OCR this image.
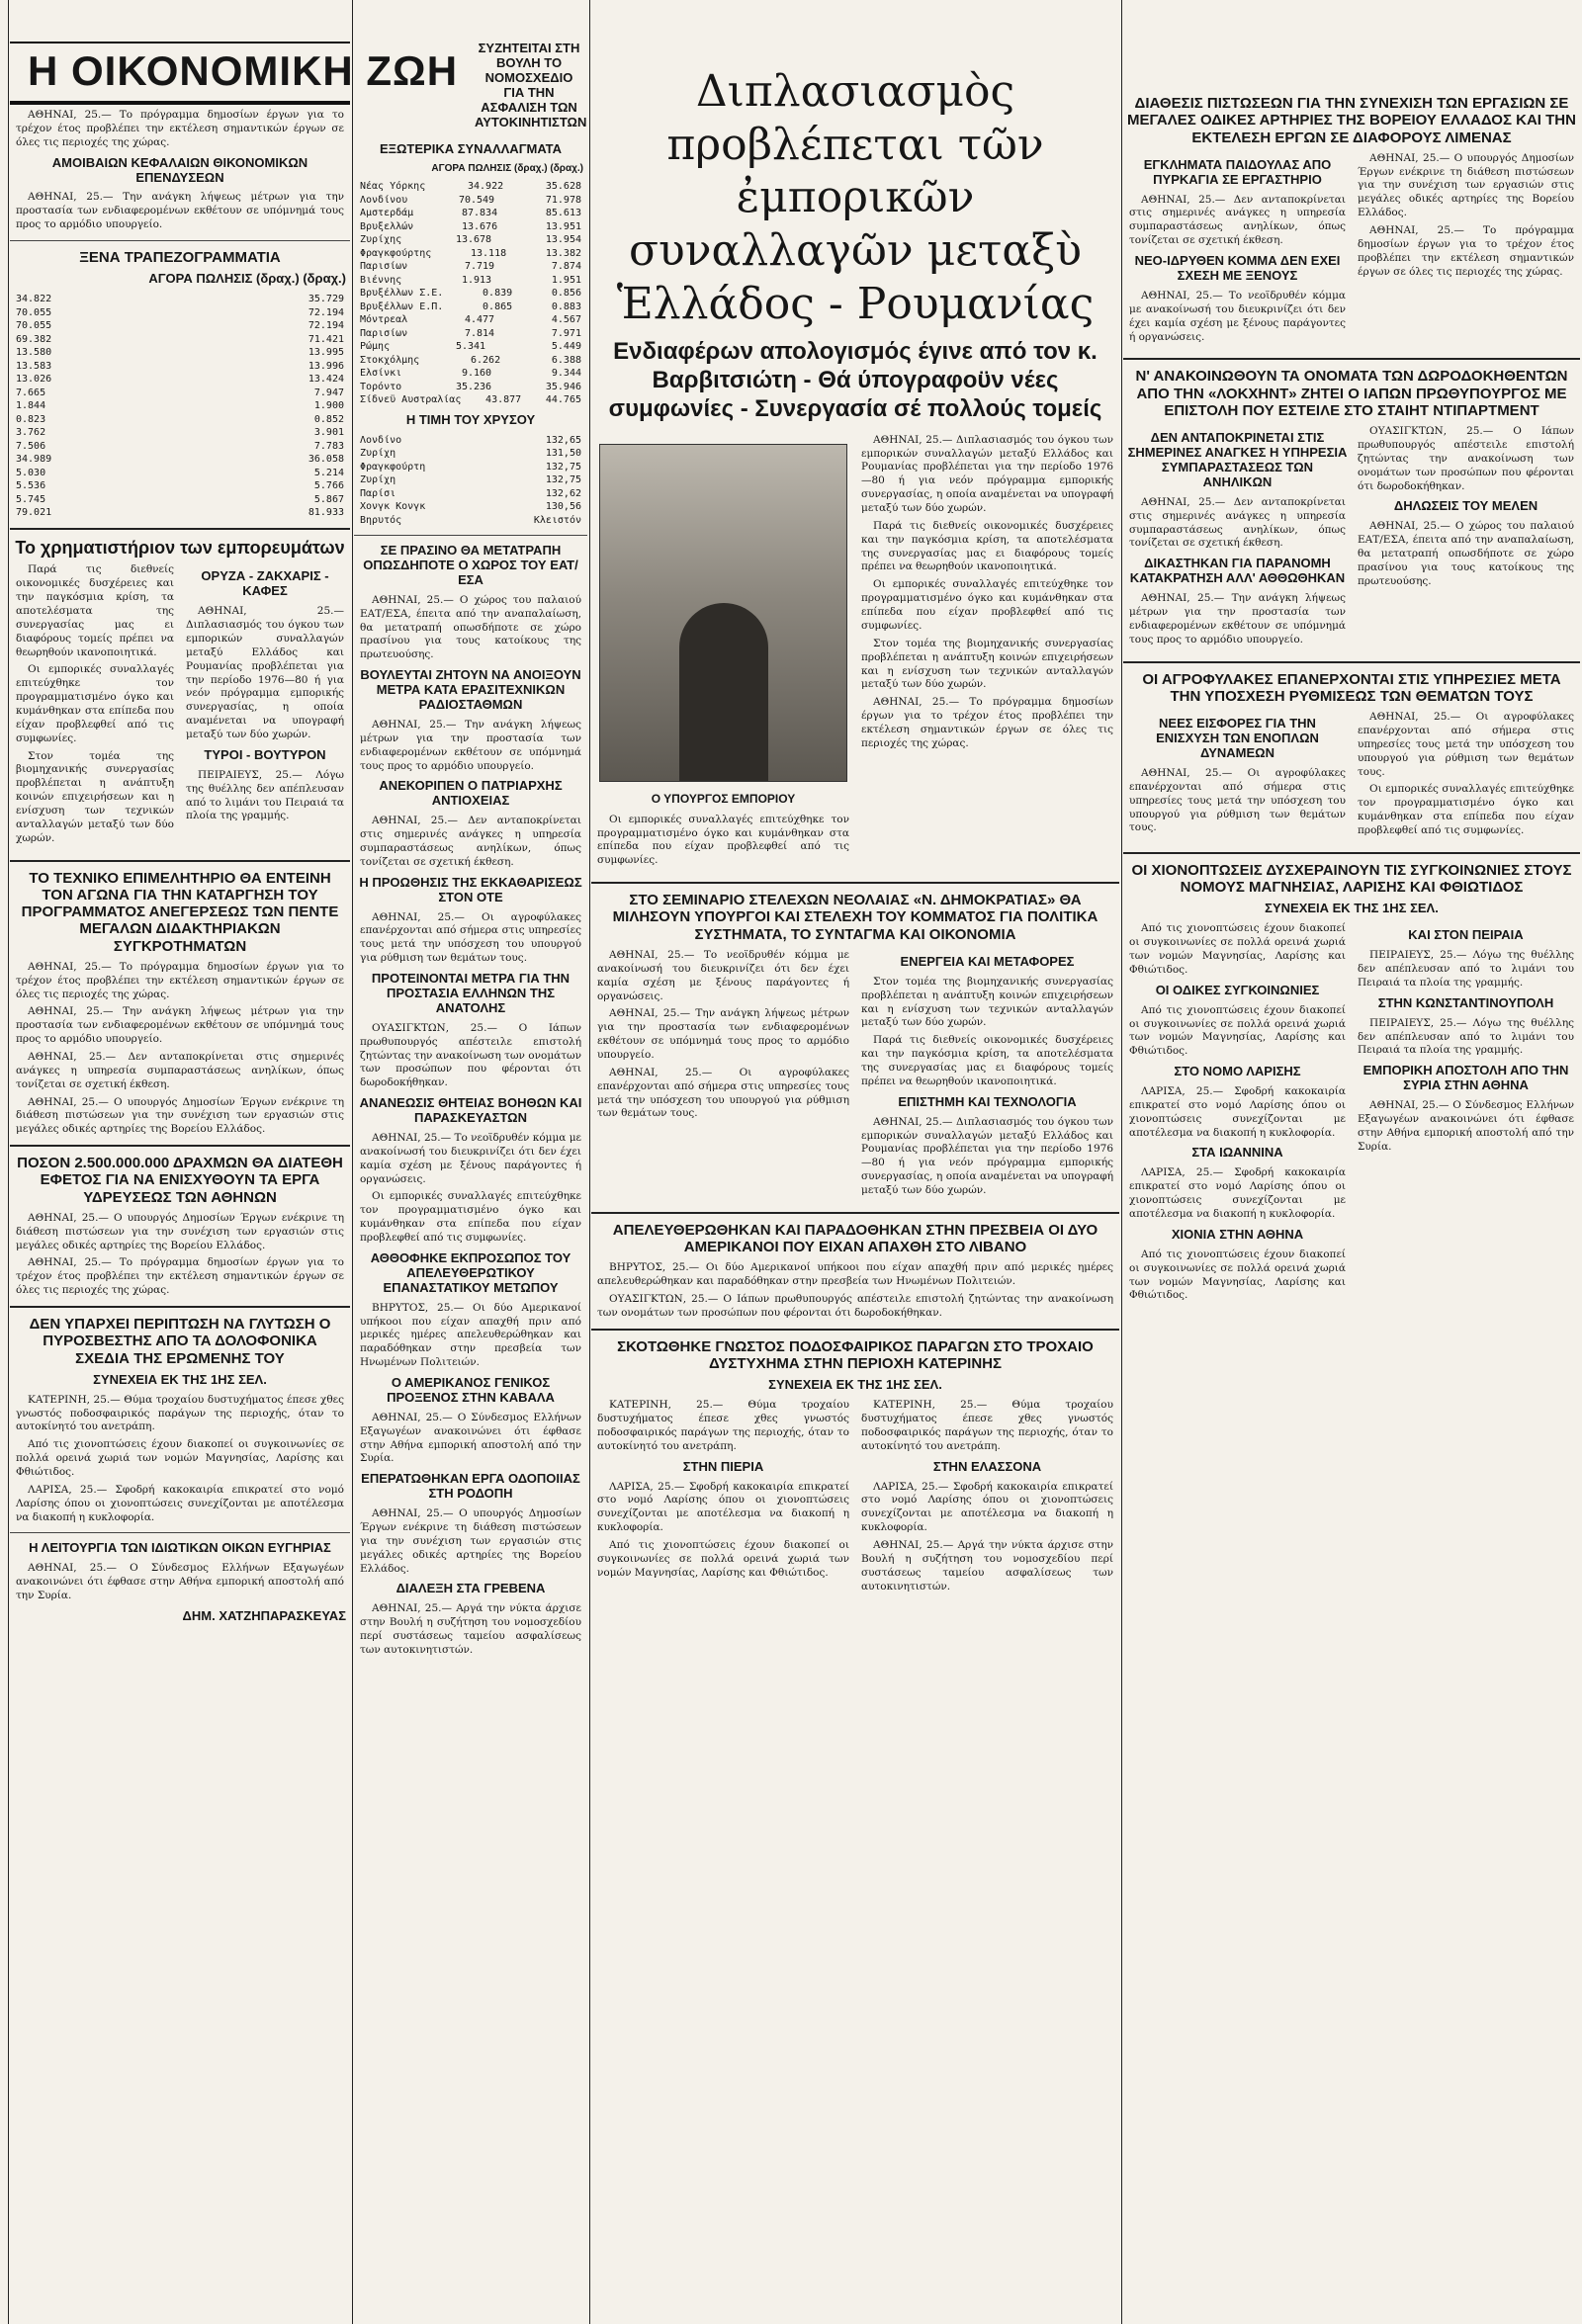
Η ΟΙΚΟΝΟΜΙΚΗ ΖΩΗ

ΑΘΗΝΑΙ, 25.— Το πρόγραμμα δημοσίων έργων για το τρέχον έτος προβλέπει την εκτέλεση σημαντικών έργων σε όλες τις περιοχές της χώρας.

ΑΜΟΙΒΑΙΩΝ ΚΕΦΑΛΑΙΩΝ ΘΙΚΟΝΟΜΙΚΩΝ ΕΠΕΝΔΥΣΕΩΝ

ΑΘΗΝΑΙ, 25.— Την ανάγκη λήψεως μέτρων για την προστασία των ενδιαφερομένων εκθέτουν σε υπόμνημά τους προς το αρμόδιο υπουργείο.

ΞΕΝΑ ΤΡΑΠΕΖΟΓΡΑΜΜΑΤΙΑ
ΑΓΟΡΑ ΠΩΛΗΣΙΣ (δραχ.) (δραχ.)
34.822	35.729
70.055	72.194
70.055	72.194
69.382	71.421
13.580	13.995
13.583	13.996
13.026	13.424
7.665	7.947
1.844	1.900
0.823	0.852
3.762	3.901
7.506	7.783
34.989	36.058
5.030	5.214
5.536	5.766
5.745	5.867
79.021	81.933
Το χρηματιστήριον των εμπορευμάτων

Παρά τις διεθνείς οικονομικές δυσχέρειες και την παγκόσμια κρίση, τα αποτελέσματα της συνεργασίας μας ει διαφόρους τομείς πρέπει να θεωρηθούν ικανοποιητικά.

Οι εμπορικές συναλλαγές επιτεύχθηκε τον προγραμματισμένο όγκο και κυμάνθηκαν στα επίπεδα που είχαν προβλεφθεί από τις συμφωνίες.

Στον τομέα της βιομηχανικής συνεργασίας προβλέπεται η ανάπτυξη κοινών επιχειρήσεων και η ενίσχυση των τεχνικών ανταλλαγών μεταξύ των δύο χωρών.

ΟΡΥΖΑ - ΖΑΚΧΑΡΙΣ - ΚΑΦΕΣ

ΑΘΗΝΑΙ, 25.— Διπλασιασμός του όγκου των εμπορικών συναλλαγών μεταξύ Ελλάδος και Ρουμανίας προβλέπεται για την περίοδο 1976—80 ή για νεόν πρόγραμμα εμπορικής συνεργασίας, η οποία αναμένεται να υπογραφή μεταξύ των δύο χωρών.

ΤΥΡΟΙ - ΒΟΥΤΥΡΟΝ

ΠΕΙΡΑΙΕΥΣ, 25.— Λόγω της θυέλλης δεν απέπλευσαν από το λιμάνι του Πειραιά τα πλοία της γραμμής.

ΤΟ ΤΕΧΝΙΚΟ ΕΠΙΜΕΛΗΤΗΡΙΟ ΘΑ ΕΝΤΕΙΝΗ ΤΟΝ ΑΓΩΝΑ ΓΙΑ ΤΗΝ ΚΑΤΑΡΓΗΣΗ ΤΟΥ ΠΡΟΓΡΑΜΜΑΤΟΣ ΑΝΕΓΕΡΣΕΩΣ ΤΩΝ ΠΕΝΤΕ ΜΕΓΑΛΩΝ ΔΙΔΑΚΤΗΡΙΑΚΩΝ ΣΥΓΚΡΟΤΗΜΑΤΩΝ

ΑΘΗΝΑΙ, 25.— Το πρόγραμμα δημοσίων έργων για το τρέχον έτος προβλέπει την εκτέλεση σημαντικών έργων σε όλες τις περιοχές της χώρας.

ΑΘΗΝΑΙ, 25.— Την ανάγκη λήψεως μέτρων για την προστασία των ενδιαφερομένων εκθέτουν σε υπόμνημά τους προς το αρμόδιο υπουργείο.

ΑΘΗΝΑΙ, 25.— Δεν ανταποκρίνεται στις σημερινές ανάγκες η υπηρεσία συμπαραστάσεως ανηλίκων, όπως τονίζεται σε σχετική έκθεση.

ΑΘΗΝΑΙ, 25.— Ο υπουργός Δημοσίων Έργων ενέκρινε τη διάθεση πιστώσεων για την συνέχιση των εργασιών στις μεγάλες οδικές αρτηρίες της Βορείου Ελλάδος.

ΠΟΣΟΝ 2.500.000.000 ΔΡΑΧΜΩΝ ΘΑ ΔΙΑΤΕΘΗ ΕΦΕΤΟΣ ΓΙΑ ΝΑ ΕΝΙΣΧΥΘΟΥΝ ΤΑ ΕΡΓΑ ΥΔΡΕΥΣΕΩΣ ΤΩΝ ΑΘΗΝΩΝ

ΑΘΗΝΑΙ, 25.— Ο υπουργός Δημοσίων Έργων ενέκρινε τη διάθεση πιστώσεων για την συνέχιση των εργασιών στις μεγάλες οδικές αρτηρίες της Βορείου Ελλάδος.

ΑΘΗΝΑΙ, 25.— Το πρόγραμμα δημοσίων έργων για το τρέχον έτος προβλέπει την εκτέλεση σημαντικών έργων σε όλες τις περιοχές της χώρας.

ΔΕΝ ΥΠΑΡΧΕΙ ΠΕΡΙΠΤΩΣΗ ΝΑ ΓΛΥΤΩΣΗ Ο ΠΥΡΟΣΒΕΣΤΗΣ ΑΠΟ ΤΑ ΔΟΛΟΦΟΝΙΚΑ ΣΧΕΔΙΑ ΤΗΣ ΕΡΩΜΕΝΗΣ ΤΟΥ
ΣΥΝΕΧΕΙΑ ΕΚ ΤΗΣ 1ΗΣ ΣΕΛ.

ΚΑΤΕΡΙΝΗ, 25.— Θύμα τροχαίου δυστυχήματος έπεσε χθες γνωστός ποδοσφαιρικός παράγων της περιοχής, όταν το αυτοκίνητό του ανετράπη.

Από τις χιονοπτώσεις έχουν διακοπεί οι συγκοινωνίες σε πολλά ορεινά χωριά των νομών Μαγνησίας, Λαρίσης και Φθιώτιδος.

ΛΑΡΙΣΑ, 25.— Σφοδρή κακοκαιρία επικρατεί στο νομό Λαρίσης όπου οι χιονοπτώσεις συνεχίζονται με αποτέλεσμα να διακοπή η κυκλοφορία.

Η ΛΕΙΤΟΥΡΓΙΑ ΤΩΝ ΙΔΙΩΤΙΚΩΝ ΟΙΚΩΝ ΕΥΓΗΡΙΑΣ

ΑΘΗΝΑΙ, 25.— Ο Σύνδεσμος Ελλήνων Εξαγωγέων ανακοινώνει ότι έφθασε στην Αθήνα εμπορική αποστολή από την Συρία.

ΔΗΜ. ΧΑΤΖΗΠΑΡΑΣΚΕΥΑΣ
ΣΥΖΗΤΕΙΤΑΙ ΣΤΗ ΒΟΥΛΗ ΤΟ ΝΟΜΟΣΧΕΔΙΟ ΓΙΑ ΤΗΝ ΑΣΦΑΛΙΣΗ ΤΩΝ ΑΥΤΟΚΙΝΗΤΙΣΤΩΝ
ΕΞΩΤΕΡΙΚΑ ΣΥΝΑΛΛΑΓΜΑΤΑ
ΑΓΟΡΑ ΠΩΛΗΣΙΣ (δραχ.) (δραχ.)
Νέας Υόρκης	34.922	35.628
Λονδίνου	70.549	71.978
Αμστερδάμ	87.834	85.613
Βρυξελλών	13.676	13.951
Ζυρίχης	13.678	13.954
Φραγκφούρτης	13.118	13.382
Παρισίων	7.719	7.874
Βιέννης	1.913	1.951
Βρυξέλλων Σ.Ε.	0.839	0.856
Βρυξέλλων Ε.Π.	0.865	0.883
Μόντρεαλ	4.477	4.567
Παρισίων	7.814	7.971
Ρώμης	5.341	5.449
Στοκχόλμης	6.262	6.388
Ελσίνκι	9.160	9.344
Τορόντο	35.236	35.946
Σίδνεϋ Αυστραλίας 43.877 44.765
Η ΤΙΜΗ ΤΟΥ ΧΡΥΣΟΥ
Λονδίνο	132,65
Ζυρίχη	131,50
Φραγκφούρτη	132,75
Ζυρίχη	132,75
Παρίσι	132,62
Χονγκ Κονγκ	130,56
Βηρυτός	Κλειστόν
ΣΕ ΠΡΑΣΙΝΟ ΘΑ ΜΕΤΑΤΡΑΠΗ ΟΠΩΣΔΗΠΟΤΕ Ο ΧΩΡΟΣ ΤΟΥ ΕΑΤ/ΕΣΑ

ΑΘΗΝΑΙ, 25.— Ο χώρος του παλαιού ΕΑΤ/ΕΣΑ, έπειτα από την αναπαλαίωση, θα μετατραπή οπωσδήποτε σε χώρο πρασίνου για τους κατοίκους της πρωτευούσης.

ΒΟΥΛΕΥΤΑΙ ΖΗΤΟΥΝ ΝΑ ΑΝΟΙΞΟΥΝ ΜΕΤΡΑ ΚΑΤΑ ΕΡΑΣΙΤΕΧΝΙΚΩΝ ΡΑΔΙΟΣΤΑΘΜΩΝ

ΑΘΗΝΑΙ, 25.— Την ανάγκη λήψεως μέτρων για την προστασία των ενδιαφερομένων εκθέτουν σε υπόμνημά τους προς το αρμόδιο υπουργείο.

ΑΝΕΚΟΡΙΠΕΝ Ο ΠΑΤΡΙΑΡΧΗΣ ΑΝΤΙΟΧΕΙΑΣ

ΑΘΗΝΑΙ, 25.— Δεν ανταποκρίνεται στις σημερινές ανάγκες η υπηρεσία συμπαραστάσεως ανηλίκων, όπως τονίζεται σε σχετική έκθεση.

Η ΠΡΟΩΘΗΣΙΣ ΤΗΣ ΕΚΚΑΘΑΡΙΣΕΩΣ ΣΤΟΝ ΟΤΕ

ΑΘΗΝΑΙ, 25.— Οι αγροφύλακες επανέρχονται από σήμερα στις υπηρεσίες τους μετά την υπόσχεση του υπουργού για ρύθμιση των θεμάτων τους.

ΠΡΟΤΕΙΝΟΝΤΑΙ ΜΕΤΡΑ ΓΙΑ ΤΗΝ ΠΡΟΣΤΑΣΙΑ ΕΛΛΗΝΩΝ ΤΗΣ ΑΝΑΤΟΛΗΣ

ΟΥΑΣΙΓΚΤΩΝ, 25.— Ο Ιάπων πρωθυπουργός απέστειλε επιστολή ζητώντας την ανακοίνωση των ονομάτων των προσώπων που φέρονται ότι δωροδοκήθηκαν.

ΑΝΑΝΕΩΣΙΣ ΘΗΤΕΙΑΣ ΒΟΗΘΩΝ ΚΑΙ ΠΑΡΑΣΚΕΥΑΣΤΩΝ

ΑΘΗΝΑΙ, 25.— Το νεοϊδρυθέν κόμμα με ανακοίνωσή του διευκρινίζει ότι δεν έχει καμία σχέση με ξένους παράγοντες ή οργανώσεις.

Οι εμπορικές συναλλαγές επιτεύχθηκε τον προγραμματισμένο όγκο και κυμάνθηκαν στα επίπεδα που είχαν προβλεφθεί από τις συμφωνίες.

ΑΘΘΟΦΗΚΕ ΕΚΠΡΟΣΩΠΟΣ ΤΟΥ ΑΠΕΛΕΥΘΕΡΩΤΙΚΟΥ ΕΠΑΝΑΣΤΑΤΙΚΟΥ ΜΕΤΩΠΟΥ

ΒΗΡΥΤΟΣ, 25.— Οι δύο Αμερικανοί υπήκοοι που είχαν απαχθή πριν από μερικές ημέρες απελευθερώθηκαν και παραδόθηκαν στην πρεσβεία των Ηνωμένων Πολιτειών.

Ο ΑΜΕΡΙΚΑΝΟΣ ΓΕΝΙΚΟΣ ΠΡΟΞΕΝΟΣ ΣΤΗΝ ΚΑΒΑΛΑ

ΑΘΗΝΑΙ, 25.— Ο Σύνδεσμος Ελλήνων Εξαγωγέων ανακοινώνει ότι έφθασε στην Αθήνα εμπορική αποστολή από την Συρία.

ΕΠΕΡΑΤΩΘΗΚΑΝ ΕΡΓΑ ΟΔΟΠΟΙΙΑΣ ΣΤΗ ΡΟΔΟΠΗ

ΑΘΗΝΑΙ, 25.— Ο υπουργός Δημοσίων Έργων ενέκρινε τη διάθεση πιστώσεων για την συνέχιση των εργασιών στις μεγάλες οδικές αρτηρίες της Βορείου Ελλάδος.

ΔΙΑΛΕΞΗ ΣΤΑ ΓΡΕΒΕΝΑ

ΑΘΗΝΑΙ, 25.— Αργά την νύκτα άρχισε στην Βουλή η συζήτηση του νομοσχεδίου περί συστάσεως ταμείου ασφαλίσεως των αυτοκινητιστών.

Διπλασιασμὸς προβλέπεται τῶν ἐμπορικῶν συναλλαγῶν μεταξὺ Ἑλλάδος - Ρουμανίας
Ενδιαφέρων απολογισμός έγινε από τον κ. Βαρβιτσιώτη - Θά ύπογραφοϋν νέες συμφωνίες - Συνεργασία σέ πολλούς τομείς
Ο ΥΠΟΥΡΓΟΣ ΕΜΠΟΡΙΟΥ

Οι εμπορικές συναλλαγές επιτεύχθηκε τον προγραμματισμένο όγκο και κυμάνθηκαν στα επίπεδα που είχαν προβλεφθεί από τις συμφωνίες.

ΑΘΗΝΑΙ, 25.— Διπλασιασμός του όγκου των εμπορικών συναλλαγών μεταξύ Ελλάδος και Ρουμανίας προβλέπεται για την περίοδο 1976—80 ή για νεόν πρόγραμμα εμπορικής συνεργασίας, η οποία αναμένεται να υπογραφή μεταξύ των δύο χωρών.

Παρά τις διεθνείς οικονομικές δυσχέρειες και την παγκόσμια κρίση, τα αποτελέσματα της συνεργασίας μας ει διαφόρους τομείς πρέπει να θεωρηθούν ικανοποιητικά.

Οι εμπορικές συναλλαγές επιτεύχθηκε τον προγραμματισμένο όγκο και κυμάνθηκαν στα επίπεδα που είχαν προβλεφθεί από τις συμφωνίες.

Στον τομέα της βιομηχανικής συνεργασίας προβλέπεται η ανάπτυξη κοινών επιχειρήσεων και η ενίσχυση των τεχνικών ανταλλαγών μεταξύ των δύο χωρών.

ΑΘΗΝΑΙ, 25.— Το πρόγραμμα δημοσίων έργων για το τρέχον έτος προβλέπει την εκτέλεση σημαντικών έργων σε όλες τις περιοχές της χώρας.

ΣΤΟ ΣΕΜΙΝΑΡΙΟ ΣΤΕΛΕΧΩΝ ΝΕΟΛΑΙΑΣ «Ν. ΔΗΜΟΚΡΑΤΙΑΣ» ΘΑ ΜΙΛΗΣΟΥΝ ΥΠΟΥΡΓΟΙ ΚΑΙ ΣΤΕΛΕΧΗ ΤΟΥ ΚΟΜΜΑΤΟΣ ΓΙΑ ΠΟΛΙΤΙΚΑ ΣΥΣΤΗΜΑΤΑ, ΤΟ ΣΥΝΤΑΓΜΑ ΚΑΙ ΟΙΚΟΝΟΜΙΑ

ΑΘΗΝΑΙ, 25.— Το νεοϊδρυθέν κόμμα με ανακοίνωσή του διευκρινίζει ότι δεν έχει καμία σχέση με ξένους παράγοντες ή οργανώσεις.

ΑΘΗΝΑΙ, 25.— Την ανάγκη λήψεως μέτρων για την προστασία των ενδιαφερομένων εκθέτουν σε υπόμνημά τους προς το αρμόδιο υπουργείο.

ΑΘΗΝΑΙ, 25.— Οι αγροφύλακες επανέρχονται από σήμερα στις υπηρεσίες τους μετά την υπόσχεση του υπουργού για ρύθμιση των θεμάτων τους.

ΕΝΕΡΓΕΙΑ ΚΑΙ ΜΕΤΑΦΟΡΕΣ

Στον τομέα της βιομηχανικής συνεργασίας προβλέπεται η ανάπτυξη κοινών επιχειρήσεων και η ενίσχυση των τεχνικών ανταλλαγών μεταξύ των δύο χωρών.

Παρά τις διεθνείς οικονομικές δυσχέρειες και την παγκόσμια κρίση, τα αποτελέσματα της συνεργασίας μας ει διαφόρους τομείς πρέπει να θεωρηθούν ικανοποιητικά.

ΕΠΙΣΤΗΜΗ ΚΑΙ ΤΕΧΝΟΛΟΓΙΑ

ΑΘΗΝΑΙ, 25.— Διπλασιασμός του όγκου των εμπορικών συναλλαγών μεταξύ Ελλάδος και Ρουμανίας προβλέπεται για την περίοδο 1976—80 ή για νεόν πρόγραμμα εμπορικής συνεργασίας, η οποία αναμένεται να υπογραφή μεταξύ των δύο χωρών.

ΑΠΕΛΕΥΘΕΡΩΘΗΚΑΝ ΚΑΙ ΠΑΡΑΔΟΘΗΚΑΝ ΣΤΗΝ ΠΡΕΣΒΕΙΑ ΟΙ ΔΥΟ ΑΜΕΡΙΚΑΝΟΙ ΠΟΥ ΕΙΧΑΝ ΑΠΑΧΘΗ ΣΤΟ ΛΙΒΑΝΟ

ΒΗΡΥΤΟΣ, 25.— Οι δύο Αμερικανοί υπήκοοι που είχαν απαχθή πριν από μερικές ημέρες απελευθερώθηκαν και παραδόθηκαν στην πρεσβεία των Ηνωμένων Πολιτειών.

ΟΥΑΣΙΓΚΤΩΝ, 25.— Ο Ιάπων πρωθυπουργός απέστειλε επιστολή ζητώντας την ανακοίνωση των ονομάτων των προσώπων που φέρονται ότι δωροδοκήθηκαν.

ΣΚΟΤΩΘΗΚΕ ΓΝΩΣΤΟΣ ΠΟΔΟΣΦΑΙΡΙΚΟΣ ΠΑΡΑΓΩΝ ΣΤΟ ΤΡΟΧΑΙΟ ΔΥΣΤΥΧΗΜΑ ΣΤΗΝ ΠΕΡΙΟΧΗ ΚΑΤΕΡΙΝΗΣ
ΣΥΝΕΧΕΙΑ ΕΚ ΤΗΣ 1ΗΣ ΣΕΛ.

ΚΑΤΕΡΙΝΗ, 25.— Θύμα τροχαίου δυστυχήματος έπεσε χθες γνωστός ποδοσφαιρικός παράγων της περιοχής, όταν το αυτοκίνητό του ανετράπη.

ΣΤΗΝ ΠΙΕΡΙΑ

ΛΑΡΙΣΑ, 25.— Σφοδρή κακοκαιρία επικρατεί στο νομό Λαρίσης όπου οι χιονοπτώσεις συνεχίζονται με αποτέλεσμα να διακοπή η κυκλοφορία.

Από τις χιονοπτώσεις έχουν διακοπεί οι συγκοινωνίες σε πολλά ορεινά χωριά των νομών Μαγνησίας, Λαρίσης και Φθιώτιδος.

ΚΑΤΕΡΙΝΗ, 25.— Θύμα τροχαίου δυστυχήματος έπεσε χθες γνωστός ποδοσφαιρικός παράγων της περιοχής, όταν το αυτοκίνητό του ανετράπη.

ΣΤΗΝ ΕΛΑΣΣΟΝΑ

ΛΑΡΙΣΑ, 25.— Σφοδρή κακοκαιρία επικρατεί στο νομό Λαρίσης όπου οι χιονοπτώσεις συνεχίζονται με αποτέλεσμα να διακοπή η κυκλοφορία.

ΑΘΗΝΑΙ, 25.— Αργά την νύκτα άρχισε στην Βουλή η συζήτηση του νομοσχεδίου περί συστάσεως ταμείου ασφαλίσεως των αυτοκινητιστών.

ΔΙΑΘΕΣΙΣ ΠΙΣΤΩΣΕΩΝ ΓΙΑ ΤΗΝ ΣΥΝΕΧΙΣΗ ΤΩΝ ΕΡΓΑΣΙΩΝ ΣΕ ΜΕΓΑΛΕΣ ΟΔΙΚΕΣ ΑΡΤΗΡΙΕΣ ΤΗΣ ΒΟΡΕΙΟΥ ΕΛΛΑΔΟΣ ΚΑΙ ΤΗΝ ΕΚΤΕΛΕΣΗ ΕΡΓΩΝ ΣΕ ΔΙΑΦΟΡΟΥΣ ΛΙΜΕΝΑΣ
ΕΓΚΛΗΜΑΤΑ ΠΑΙΔΟΥΛΑΣ ΑΠΟ ΠΥΡΚΑΓΙΑ ΣΕ ΕΡΓΑΣΤΗΡΙΟ

ΑΘΗΝΑΙ, 25.— Δεν ανταποκρίνεται στις σημερινές ανάγκες η υπηρεσία συμπαραστάσεως ανηλίκων, όπως τονίζεται σε σχετική έκθεση.

ΝΕΟ-ΙΔΡΥΘΕΝ ΚΟΜΜΑ ΔΕΝ ΕΧΕΙ ΣΧΕΣΗ ΜΕ ΞΕΝΟΥΣ

ΑΘΗΝΑΙ, 25.— Το νεοϊδρυθέν κόμμα με ανακοίνωσή του διευκρινίζει ότι δεν έχει καμία σχέση με ξένους παράγοντες ή οργανώσεις.

ΑΘΗΝΑΙ, 25.— Ο υπουργός Δημοσίων Έργων ενέκρινε τη διάθεση πιστώσεων για την συνέχιση των εργασιών στις μεγάλες οδικές αρτηρίες της Βορείου Ελλάδος.

ΑΘΗΝΑΙ, 25.— Το πρόγραμμα δημοσίων έργων για το τρέχον έτος προβλέπει την εκτέλεση σημαντικών έργων σε όλες τις περιοχές της χώρας.

Ν' ΑΝΑΚΟΙΝΩΘΟΥΝ ΤΑ ΟΝΟΜΑΤΑ ΤΩΝ ΔΩΡΟΔΟΚΗΘΕΝΤΩΝ ΑΠΟ ΤΗΝ «ΛΟΚΧΗΝΤ» ΖΗΤΕΙ Ο ΙΑΠΩΝ ΠΡΩΘΥΠΟΥΡΓΟΣ ΜΕ ΕΠΙΣΤΟΛΗ ΠΟΥ ΕΣΤΕΙΛΕ ΣΤΟ ΣΤΑΙΗΤ ΝΤΙΠΑΡΤΜΕΝΤ
ΔΕΝ ΑΝΤΑΠΟΚΡΙΝΕΤΑΙ ΣΤΙΣ ΣΗΜΕΡΙΝΕΣ ΑΝΑΓΚΕΣ Η ΥΠΗΡΕΣΙΑ ΣΥΜΠΑΡΑΣΤΑΣΕΩΣ ΤΩΝ ΑΝΗΛΙΚΩΝ

ΑΘΗΝΑΙ, 25.— Δεν ανταποκρίνεται στις σημερινές ανάγκες η υπηρεσία συμπαραστάσεως ανηλίκων, όπως τονίζεται σε σχετική έκθεση.

ΔΙΚΑΣΤΗΚΑΝ ΓΙΑ ΠΑΡΑΝΟΜΗ ΚΑΤΑΚΡΑΤΗΣΗ ΑΛΛ' ΑΘΘΩΘΗΚΑΝ

ΑΘΗΝΑΙ, 25.— Την ανάγκη λήψεως μέτρων για την προστασία των ενδιαφερομένων εκθέτουν σε υπόμνημά τους προς το αρμόδιο υπουργείο.

ΟΥΑΣΙΓΚΤΩΝ, 25.— Ο Ιάπων πρωθυπουργός απέστειλε επιστολή ζητώντας την ανακοίνωση των ονομάτων των προσώπων που φέρονται ότι δωροδοκήθηκαν.

ΔΗΛΩΣΕΙΣ ΤΟΥ ΜΕΛΕΝ

ΑΘΗΝΑΙ, 25.— Ο χώρος του παλαιού ΕΑΤ/ΕΣΑ, έπειτα από την αναπαλαίωση, θα μετατραπή οπωσδήποτε σε χώρο πρασίνου για τους κατοίκους της πρωτευούσης.

ΟΙ ΑΓΡΟΦΥΛΑΚΕΣ ΕΠΑΝΕΡΧΟΝΤΑΙ ΣΤΙΣ ΥΠΗΡΕΣΙΕΣ ΜΕΤΑ ΤΗΝ ΥΠΟΣΧΕΣΗ ΡΥΘΜΙΣΕΩΣ ΤΩΝ ΘΕΜΑΤΩΝ ΤΟΥΣ
ΝΕΕΣ ΕΙΣΦΟΡΕΣ ΓΙΑ ΤΗΝ ΕΝΙΣΧΥΣΗ ΤΩΝ ΕΝΟΠΛΩΝ ΔΥΝΑΜΕΩΝ

ΑΘΗΝΑΙ, 25.— Οι αγροφύλακες επανέρχονται από σήμερα στις υπηρεσίες τους μετά την υπόσχεση του υπουργού για ρύθμιση των θεμάτων τους.

ΑΘΗΝΑΙ, 25.— Οι αγροφύλακες επανέρχονται από σήμερα στις υπηρεσίες τους μετά την υπόσχεση του υπουργού για ρύθμιση των θεμάτων τους.

Οι εμπορικές συναλλαγές επιτεύχθηκε τον προγραμματισμένο όγκο και κυμάνθηκαν στα επίπεδα που είχαν προβλεφθεί από τις συμφωνίες.

ΟΙ ΧΙΟΝΟΠΤΩΣΕΙΣ ΔΥΣΧΕΡΑΙΝΟΥΝ ΤΙΣ ΣΥΓΚΟΙΝΩΝΙΕΣ ΣΤΟΥΣ ΝΟΜΟΥΣ ΜΑΓΝΗΣΙΑΣ, ΛΑΡΙΣΗΣ ΚΑΙ ΦΘΙΩΤΙΔΟΣ
ΣΥΝΕΧΕΙΑ ΕΚ ΤΗΣ 1ΗΣ ΣΕΛ.

Από τις χιονοπτώσεις έχουν διακοπεί οι συγκοινωνίες σε πολλά ορεινά χωριά των νομών Μαγνησίας, Λαρίσης και Φθιώτιδος.

ΟΙ ΟΔΙΚΕΣ ΣΥΓΚΟΙΝΩΝΙΕΣ

Από τις χιονοπτώσεις έχουν διακοπεί οι συγκοινωνίες σε πολλά ορεινά χωριά των νομών Μαγνησίας, Λαρίσης και Φθιώτιδος.

ΣΤΟ ΝΟΜΟ ΛΑΡΙΣΗΣ

ΛΑΡΙΣΑ, 25.— Σφοδρή κακοκαιρία επικρατεί στο νομό Λαρίσης όπου οι χιονοπτώσεις συνεχίζονται με αποτέλεσμα να διακοπή η κυκλοφορία.

ΣΤΑ ΙΩΑΝΝΙΝΑ

ΛΑΡΙΣΑ, 25.— Σφοδρή κακοκαιρία επικρατεί στο νομό Λαρίσης όπου οι χιονοπτώσεις συνεχίζονται με αποτέλεσμα να διακοπή η κυκλοφορία.

ΧΙΟΝΙΑ ΣΤΗΝ ΑΘΗΝΑ

Από τις χιονοπτώσεις έχουν διακοπεί οι συγκοινωνίες σε πολλά ορεινά χωριά των νομών Μαγνησίας, Λαρίσης και Φθιώτιδος.

ΚΑΙ ΣΤΟΝ ΠΕΙΡΑΙΑ

ΠΕΙΡΑΙΕΥΣ, 25.— Λόγω της θυέλλης δεν απέπλευσαν από το λιμάνι του Πειραιά τα πλοία της γραμμής.

ΣΤΗΝ ΚΩΝΣΤΑΝΤΙΝΟΥΠΟΛΗ

ΠΕΙΡΑΙΕΥΣ, 25.— Λόγω της θυέλλης δεν απέπλευσαν από το λιμάνι του Πειραιά τα πλοία της γραμμής.

ΕΜΠΟΡΙΚΗ ΑΠΟΣΤΟΛΗ ΑΠΟ ΤΗΝ ΣΥΡΙΑ ΣΤΗΝ ΑΘΗΝΑ

ΑΘΗΝΑΙ, 25.— Ο Σύνδεσμος Ελλήνων Εξαγωγέων ανακοινώνει ότι έφθασε στην Αθήνα εμπορική αποστολή από την Συρία.
